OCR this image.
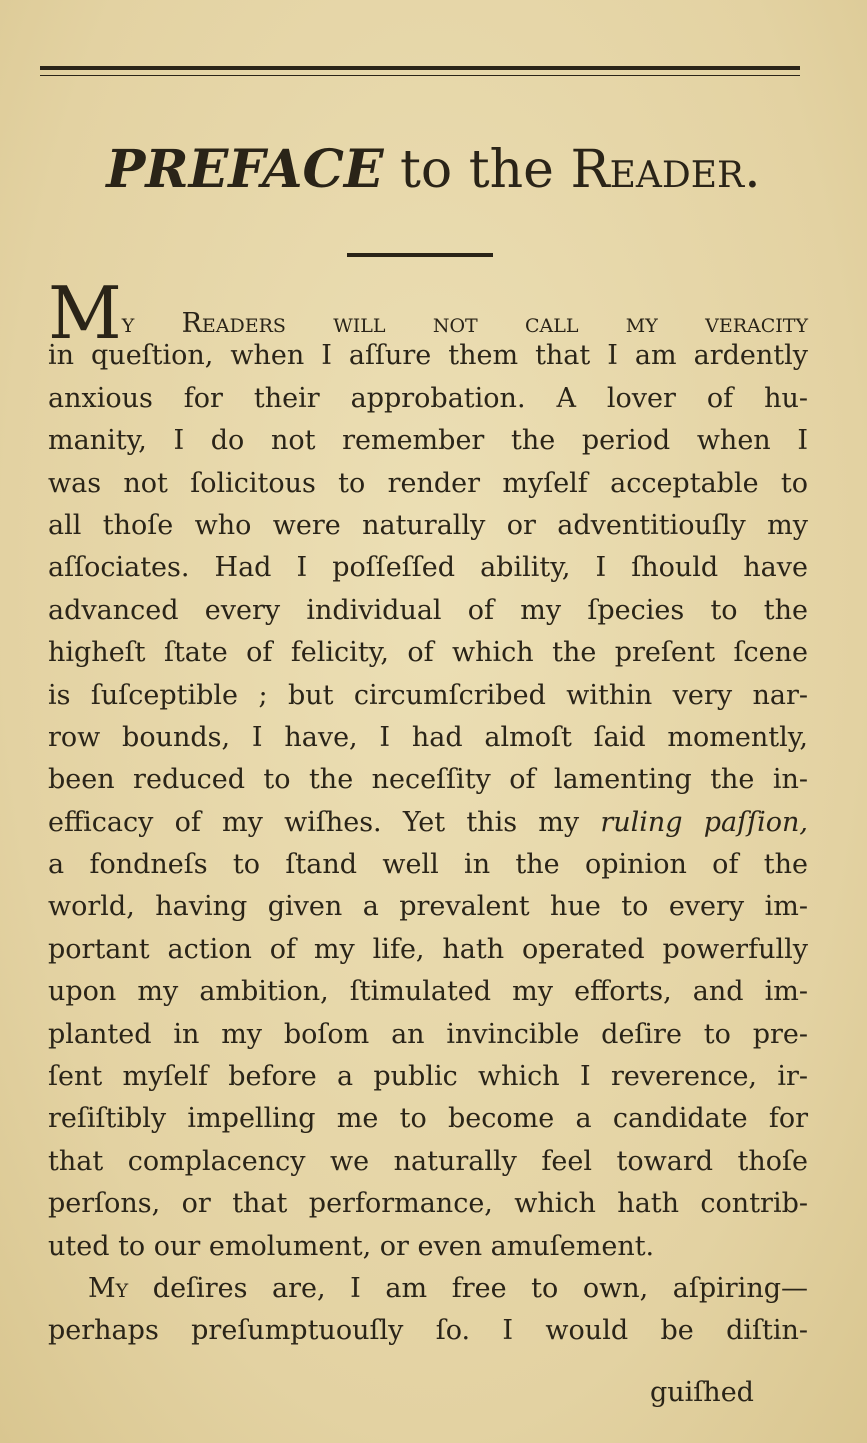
PREFACE to the Reader.
My Readers will not call my veracity
in queſtion, when I aſſure them that I am ardently
anxious for their approbation. A lover of hu-
manity, I do not remember the period when I
was not ſolicitous to render myſelf acceptable to
all thoſe who were naturally or adventitiouſly my
aſſociates. Had I poſſeſſed ability, I ſhould have
advanced every individual of my ſpecies to the
higheſt ſtate of felicity, of which the preſent ſcene
is ſuſceptible ; but circumſcribed within very nar-
row bounds, I have, I had almoſt ſaid momently,
been reduced to the neceſſity of lamenting the in-
efficacy of my wiſhes. Yet this my ruling paſſion,
a fondneſs to ſtand well in the opinion of the
world, having given a prevalent hue to every im-
portant action of my life, hath operated powerfully
upon my ambition, ſtimulated my efforts, and im-
planted in my boſom an invincible deſire to pre-
ſent myſelf before a public which I reverence, ir-
reſiſtibly impelling me to become a candidate for
that complacency we naturally feel toward thoſe
perſons, or that performance, which hath contrib-
uted to our emolument, or even amuſement.
My deſires are, I am free to own, aſpiring—
perhaps preſumptuouſly ſo. I would be diſtin-
guiſhed
